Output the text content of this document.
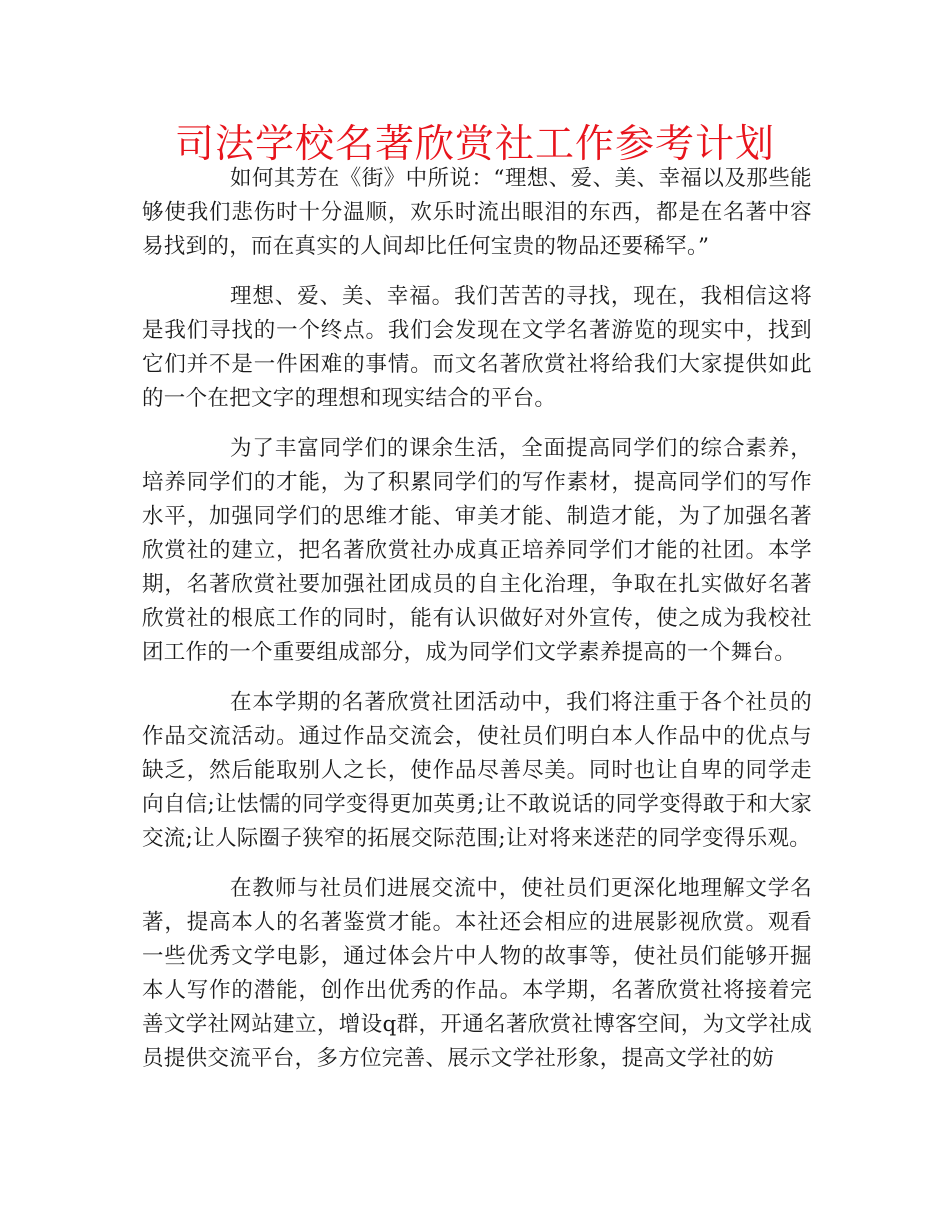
司法学校名著欣赏社工作参考计划

如何其芳在《街》中所说：“理想、爱、美、幸福以及那些能够使我们悲伤时十分温顺，欢乐时流出眼泪的东西，都是在名著中容易找到的，而在真实的人间却比任何宝贵的物品还要稀罕。”

理想、爱、美、幸福。我们苦苦的寻找，现在，我相信这将是我们寻找的一个终点。我们会发现在文学名著游览的现实中，找到它们并不是一件困难的事情。而文名著欣赏社将给我们大家提供如此的一个在把文字的理想和现实结合的平台。

为了丰富同学们的课余生活，全面提高同学们的综合素养，培养同学们的才能，为了积累同学们的写作素材，提高同学们的写作水平，加强同学们的思维才能、审美才能、制造才能，为了加强名著欣赏社的建立，把名著欣赏社办成真正培养同学们才能的社团。本学期，名著欣赏社要加强社团成员的自主化治理，争取在扎实做好名著欣赏社的根底工作的同时，能有认识做好对外宣传，使之成为我校社团工作的一个重要组成部分，成为同学们文学素养提高的一个舞台。

在本学期的名著欣赏社团活动中，我们将注重于各个社员的作品交流活动。通过作品交流会，使社员们明白本人作品中的优点与缺乏，然后能取别人之长，使作品尽善尽美。同时也让自卑的同学走向自信;让怯懦的同学变得更加英勇;让不敢说话的同学变得敢于和大家交流;让人际圈子狭窄的拓展交际范围;让对将来迷茫的同学变得乐观。

在教师与社员们进展交流中，使社员们更深化地理解文学名著，提高本人的名著鉴赏才能。本社还会相应的进展影视欣赏。观看一些优秀文学电影，通过体会片中人物的故事等，使社员们能够开掘本人写作的潜能，创作出优秀的作品。本学期，名著欣赏社将接着完善文学社网站建立，增设q群，开通名著欣赏社博客空间，为文学社成员提供交流平台，多方位完善、展示文学社形象，提高文学社的妨
